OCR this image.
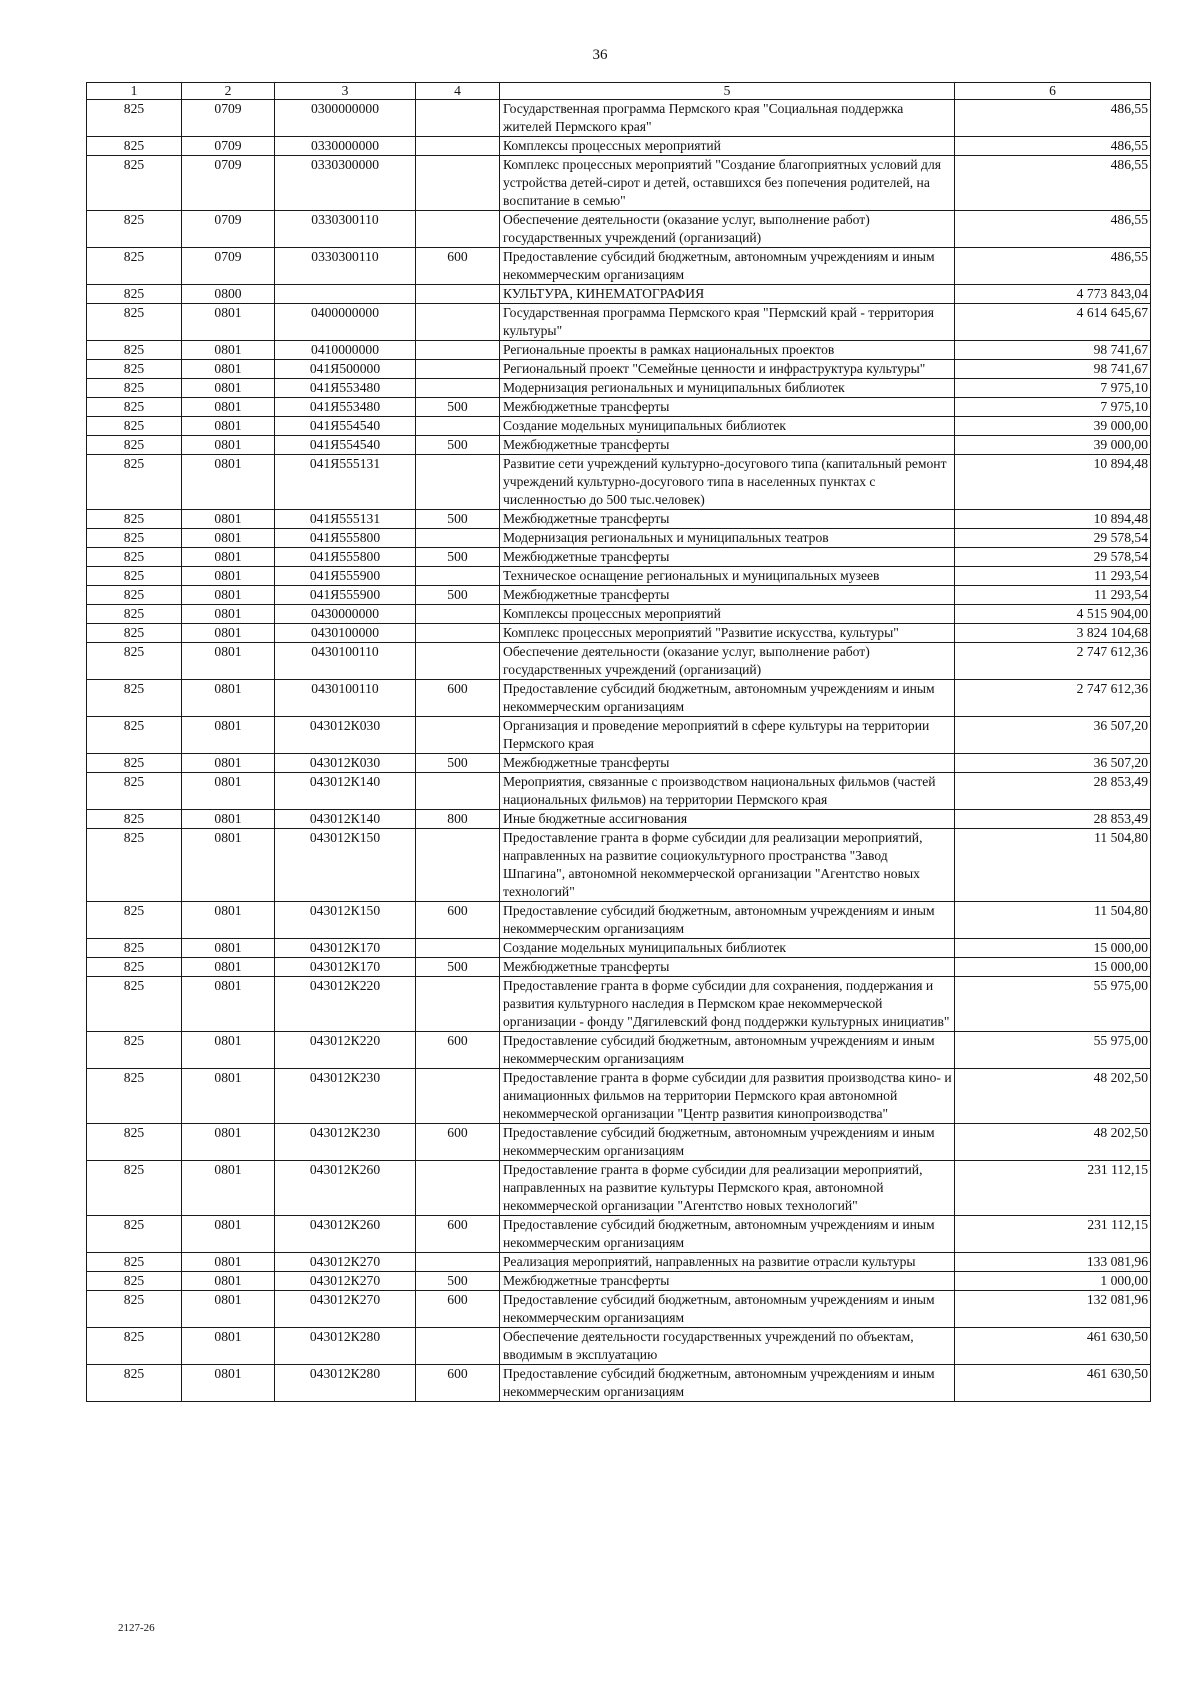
36
1	2	3	4	5	6
825	0709	0300000000		Государственная программа Пермского края "Социальная поддержка жителей Пермского края"	486,55
825	0709	0330000000		Комплексы процессных мероприятий	486,55
825	0709	0330300000		Комплекс процессных мероприятий "Создание благоприятных условий для устройства детей-сирот и детей, оставшихся без попечения родителей, на воспитание в семью"	486,55
825	0709	0330300110		Обеспечение деятельности (оказание услуг, выполнение работ) государственных учреждений (организаций)	486,55
825	0709	0330300110	600	Предоставление субсидий бюджетным, автономным учреждениям и иным некоммерческим организациям	486,55
825	0800			КУЛЬТУРА, КИНЕМАТОГРАФИЯ	4 773 843,04
825	0801	0400000000		Государственная программа Пермского края "Пермский край - территория культуры"	4 614 645,67
825	0801	0410000000		Региональные проекты в рамках национальных проектов	98 741,67
825	0801	041Я500000		Региональный проект "Семейные ценности и инфраструктура культуры"	98 741,67
825	0801	041Я553480		Модернизация региональных и муниципальных библиотек	7 975,10
825	0801	041Я553480	500	Межбюджетные трансферты	7 975,10
825	0801	041Я554540		Создание модельных муниципальных библиотек	39 000,00
825	0801	041Я554540	500	Межбюджетные трансферты	39 000,00
825	0801	041Я555131		Развитие сети учреждений культурно-досугового типа (капитальный ремонт учреждений культурно-досугового типа в населенных пунктах с численностью до 500 тыс.человек)	10 894,48
825	0801	041Я555131	500	Межбюджетные трансферты	10 894,48
825	0801	041Я555800		Модернизация региональных и муниципальных театров	29 578,54
825	0801	041Я555800	500	Межбюджетные трансферты	29 578,54
825	0801	041Я555900		Техническое оснащение региональных и муниципальных музеев	11 293,54
825	0801	041Я555900	500	Межбюджетные трансферты	11 293,54
825	0801	0430000000		Комплексы процессных мероприятий	4 515 904,00
825	0801	0430100000		Комплекс процессных мероприятий "Развитие искусства, культуры"	3 824 104,68
825	0801	0430100110		Обеспечение деятельности (оказание услуг, выполнение работ) государственных учреждений (организаций)	2 747 612,36
825	0801	0430100110	600	Предоставление субсидий бюджетным, автономным учреждениям и иным некоммерческим организациям	2 747 612,36
825	0801	043012К030		Организация и проведение мероприятий в сфере культуры на территории Пермского края	36 507,20
825	0801	043012К030	500	Межбюджетные трансферты	36 507,20
825	0801	043012К140		Мероприятия, связанные с производством национальных фильмов (частей национальных фильмов) на территории Пермского края	28 853,49
825	0801	043012К140	800	Иные бюджетные ассигнования	28 853,49
825	0801	043012К150		Предоставление гранта в форме субсидии для реализации мероприятий, направленных на развитие социокультурного пространства "Завод Шпагина", автономной некоммерческой организации "Агентство новых технологий"	11 504,80
825	0801	043012К150	600	Предоставление субсидий бюджетным, автономным учреждениям и иным некоммерческим организациям	11 504,80
825	0801	043012К170		Создание модельных муниципальных библиотек	15 000,00
825	0801	043012К170	500	Межбюджетные трансферты	15 000,00
825	0801	043012К220		Предоставление гранта в форме субсидии для сохранения, поддержания и развития культурного наследия в Пермском крае некоммерческой организации - фонду "Дягилевский фонд поддержки культурных инициатив"	55 975,00
825	0801	043012К220	600	Предоставление субсидий бюджетным, автономным учреждениям и иным некоммерческим организациям	55 975,00
825	0801	043012К230		Предоставление гранта в форме субсидии для развития производства кино- и анимационных фильмов на территории Пермского края автономной некоммерческой организации "Центр развития кинопроизводства"	48 202,50
825	0801	043012К230	600	Предоставление субсидий бюджетным, автономным учреждениям и иным некоммерческим организациям	48 202,50
825	0801	043012К260		Предоставление гранта в форме субсидии для реализации мероприятий, направленных на развитие культуры Пермского края, автономной некоммерческой организации "Агентство новых технологий"	231 112,15
825	0801	043012К260	600	Предоставление субсидий бюджетным, автономным учреждениям и иным некоммерческим организациям	231 112,15
825	0801	043012К270		Реализация мероприятий, направленных на развитие отрасли культуры	133 081,96
825	0801	043012К270	500	Межбюджетные трансферты	1 000,00
825	0801	043012К270	600	Предоставление субсидий бюджетным, автономным учреждениям и иным некоммерческим организациям	132 081,96
825	0801	043012К280		Обеспечение деятельности государственных учреждений по объектам, вводимым в эксплуатацию	461 630,50
825	0801	043012К280	600	Предоставление субсидий бюджетным, автономным учреждениям и иным некоммерческим организациям	461 630,50
2127-26
